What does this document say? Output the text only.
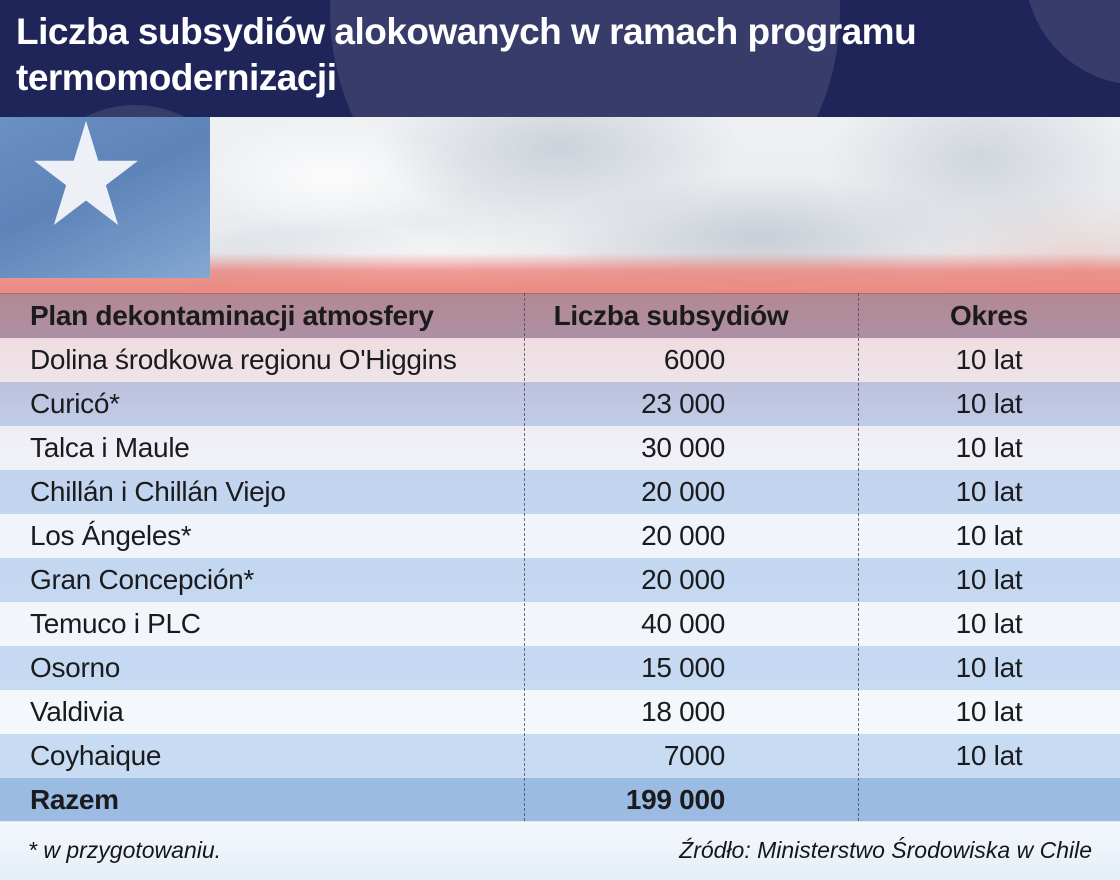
Liczba subsydiów alokowanych w ramach programu
termomodernizacji
Plan dekontaminacji atmosfery	Liczba subsydiów	Okres
Dolina środkowa regionu O'Higgins	6000	10 lat
Curicó*	23 000	10 lat
Talca i Maule	30 000	10 lat
Chillán i Chillán Viejo	20 000	10 lat
Los Ángeles*	20 000	10 lat
Gran Concepción*	20 000	10 lat
Temuco i PLC	40 000	10 lat
Osorno	15 000	10 lat
Valdivia	18 000	10 lat
Coyhaique	7000	10 lat
Razem	199 000
* w przygotowaniu.	Źródło: Ministerstwo Środowiska w Chile
